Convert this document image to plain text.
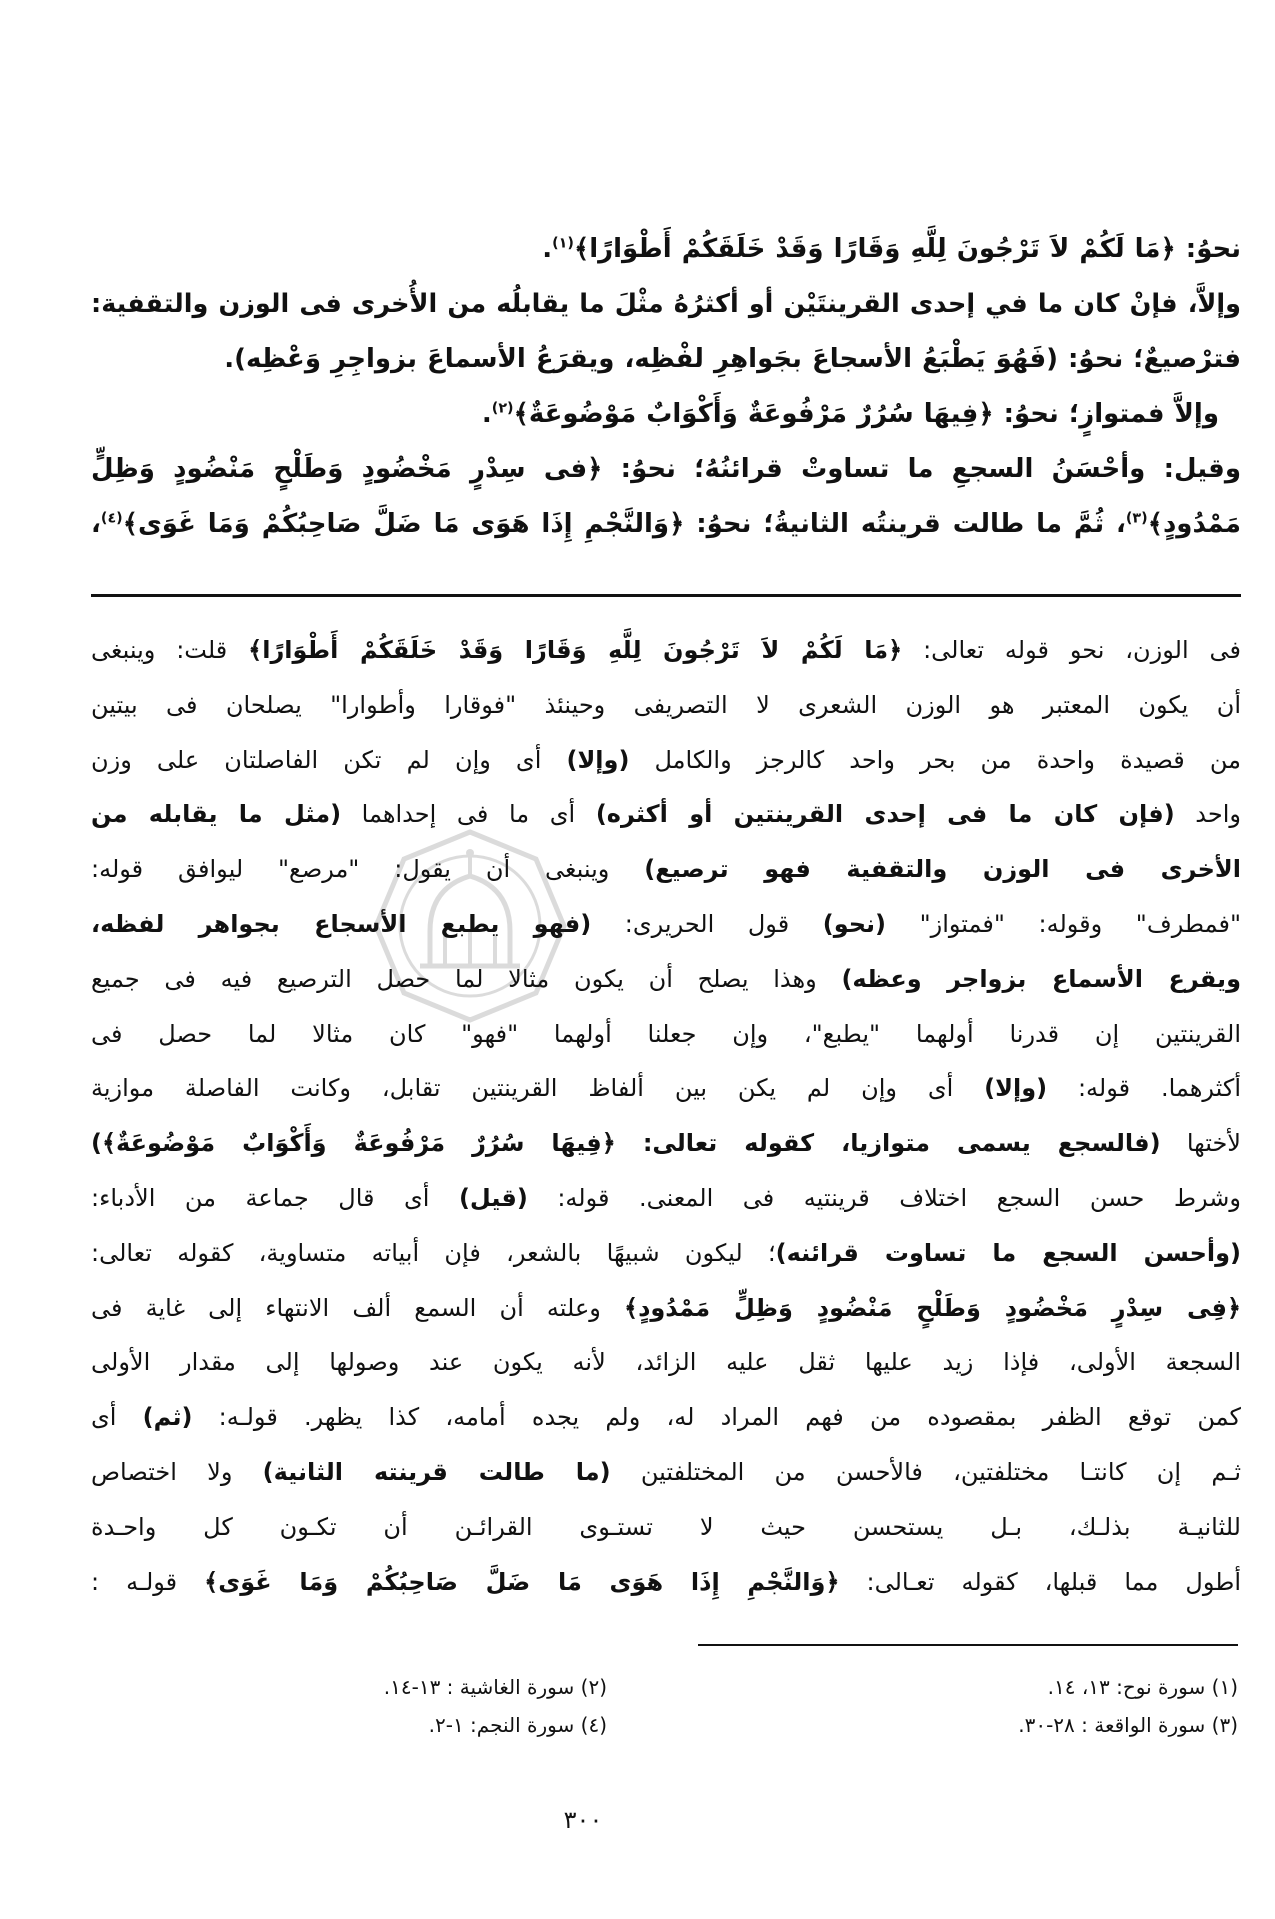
نحوُ: ﴿مَا لَكُمْ لاَ تَرْجُونَ لِلَّهِ وَقَارًا وَقَدْ خَلَقَكُمْ أَطْوَارًا﴾$^{(١)}$.
وإلاَّ، فإنْ كان ما في إحدى القرينتَيْن أو أكثرُهُ مثْلَ ما يقابلُه من الأُخرى فى الوزن والتقفية:
فترْصيعٌ؛ نحوُ: (فَهُوَ يَطْبَعُ الأسجاعَ بجَواهِرِ لفْظِه، ويقرَعُ الأسماعَ بزواجِرِ وَعْظِه).
وإلاَّ فمتوازٍ؛ نحوُ: ﴿فِيهَا سُرُرٌ مَرْفُوعَةٌ وَأَكْوَابٌ مَوْضُوعَةٌ﴾$^{(٢)}$.
وقيل: وأحْسَنُ السجعِ ما تساوتْ قرائنُهُ؛ نحوُ: ﴿فى سِدْرٍ مَخْضُودٍ وَطَلْحٍ مَنْضُودٍ وَظِلٍّ
مَمْدُودٍ﴾$^{(٣)}$، ثُمَّ ما طالت قرينتُه الثانيةُ؛ نحوُ: ﴿وَالنَّجْمِ إِذَا هَوَى مَا ضَلَّ صَاحِبُكُمْ وَمَا غَوَى﴾$^{(٤)}$،
فى الوزن، نحو قوله تعالى: ﴿مَا لَكُمْ لاَ تَرْجُونَ لِلَّهِ وَقَارًا وَقَدْ خَلَقَكُمْ أَطْوَارًا﴾ قلت: وينبغى
أن يكون المعتبر هو الوزن الشعرى لا التصريفى وحينئذ "فوقارا وأطوارا" يصلحان فى بيتين
من قصيدة واحدة من بحر واحد كالرجز والكامل (وإلا) أى وإن لم تكن الفاصلتان على وزن
واحد (فإن كان ما فى إحدى القرينتين أو أكثره) أى ما فى إحداهما (مثل ما يقابله من
الأخرى فى الوزن والتقفية فهو ترصيع) وينبغى أن يقول: "مرصع" ليوافق قوله:
"فمطرف" وقوله: "فمتواز" (نحو) قول الحريرى: (فهو يطبع الأسجاع بجواهر لفظه،
ويقرع الأسماع بزواجر وعظه) وهذا يصلح أن يكون مثالا لما حصل الترصيع فيه فى جميع
القرينتين إن قدرنا أولهما "يطبع"، وإن جعلنا أولهما "فهو" كان مثالا لما حصل فى
أكثرهما. قوله: (وإلا) أى وإن لم يكن بين ألفاظ القرينتين تقابل، وكانت الفاصلة موازية
لأختها (فالسجع يسمى متوازيا، كقوله تعالى: ﴿فِيهَا سُرُرٌ مَرْفُوعَةٌ وَأَكْوَابٌ مَوْضُوعَةٌ﴾)
وشرط حسن السجع اختلاف قرينتيه فى المعنى. قوله: (قيل) أى قال جماعة من الأدباء:
(وأحسن السجع ما تساوت قرائنه)؛ ليكون شبيهًا بالشعر، فإن أبياته متساوية، كقوله تعالى:
﴿فِى سِدْرٍ مَخْضُودٍ وَطَلْحٍ مَنْضُودٍ وَظِلٍّ مَمْدُودٍ﴾ وعلته أن السمع ألف الانتهاء إلى غاية فى
السجعة الأولى، فإذا زيد عليها ثقل عليه الزائد، لأنه يكون عند وصولها إلى مقدار الأولى
كمن توقع الظفر بمقصوده من فهم المراد له، ولم يجده أمامه، كذا يظهر. قولـه: (ثم) أى
ثـم إن كانتـا مختلفتين، فالأحسن من المختلفتين (ما طالت قرينته الثانية) ولا اختصاص
للثانيـة بذلـك، بـل يستحسن حيث لا تستـوى القرائـن أن تكـون كل واحـدة
أطول مما قبلها، كقوله تعـالى: ﴿وَالنَّجْمِ إِذَا هَوَى مَا ضَلَّ صَاحِبُكُمْ وَمَا غَوَى﴾ قولـه :
(١) سورة نوح: ١٣، ١٤.
(٣) سورة الواقعة : ٢٨-٣٠.
(٢) سورة الغاشية : ١٣-١٤.
(٤) سورة النجم: ١-٢.
٣٠٠
